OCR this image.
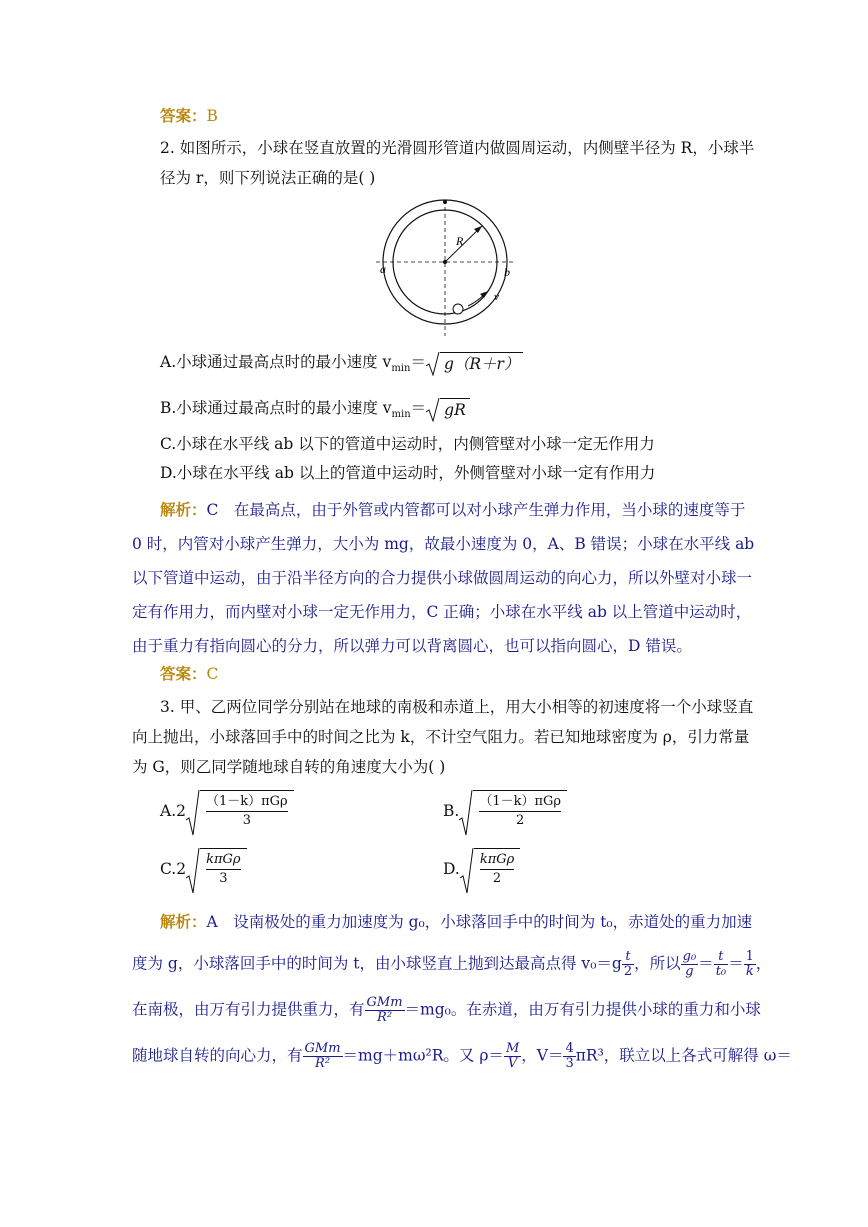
答案：B
2. 如图所示，小球在竖直放置的光滑圆形管道内做圆周运动，内侧壁半径为 R，小球半
径为 r，则下列说法正确的是( )
R
a	b
v
A.小球通过最高点时的最小速度 $v_{min}= g(R+r)$
B.小球通过最高点时的最小速度 $v_{min}=$ gR
C.小球在水平线 ab 以下的管道中运动时，内侧管壁对小球一定无作用力
D.小球在水平线 ab 以上的管道中运动时，外侧管壁对小球一定有作用力
解析：C　在最高点，由于外管或内管都可以对小球产生弹力作用，当小球的速度等于
0 时，内管对小球产生弹力，大小为 mg，故最小速度为 0，A、B 错误；小球在水平线 ab
以下管道中运动，由于沿半径方向的合力提供小球做圆周运动的向心力，所以外壁对小球一
定有作用力，而内壁对小球一定无作用力，C 正确；小球在水平线 ab 以上管道中运动时，
由于重力有指向圆心的分力，所以弹力可以背离圆心，也可以指向圆心，D 错误。
答案：C
3. 甲、乙两位同学分别站在地球的南极和赤道上，用大小相等的初速度将一个小球竖直
向上抛出，小球落回手中的时间之比为 k，不计空气阻力。若已知地球密度为 ρ，引力常量
为 G，则乙同学随地球自转的角速度大小为( )
A.2
（1－k）πGρ
3
B.
（1－k）πGρ
2
C.2
kπGρ
3
D.
kπGρ
2
解析：A　设南极处的重力加速度为 g₀，小球落回手中的时间为 t₀，赤道处的重力加速
度为 g，小球落回手中的时间为 t，由小球竖直上抛到达最高点得 $v_0=g \frac{t}{2}$ ，所以 $\frac{\text{g₀}}{g} = \frac{t}{\text{t₀}} = \frac{1}{k}$ ，
在南极，由万有引力提供重力，有 $\frac{\text{GMm}}{\text{R²}} =mg_0$。在赤道，由万有引力提供小球的重力和小球
随地球自转的向心力，有 $\frac{\text{GMm}}{\text{R²}} =mg+m\omega^2R$。又 $\rho= \frac{M}{V}$ ，$V= \frac{4}{3} \pi R^3$，联立以上各式可解得 ω＝
